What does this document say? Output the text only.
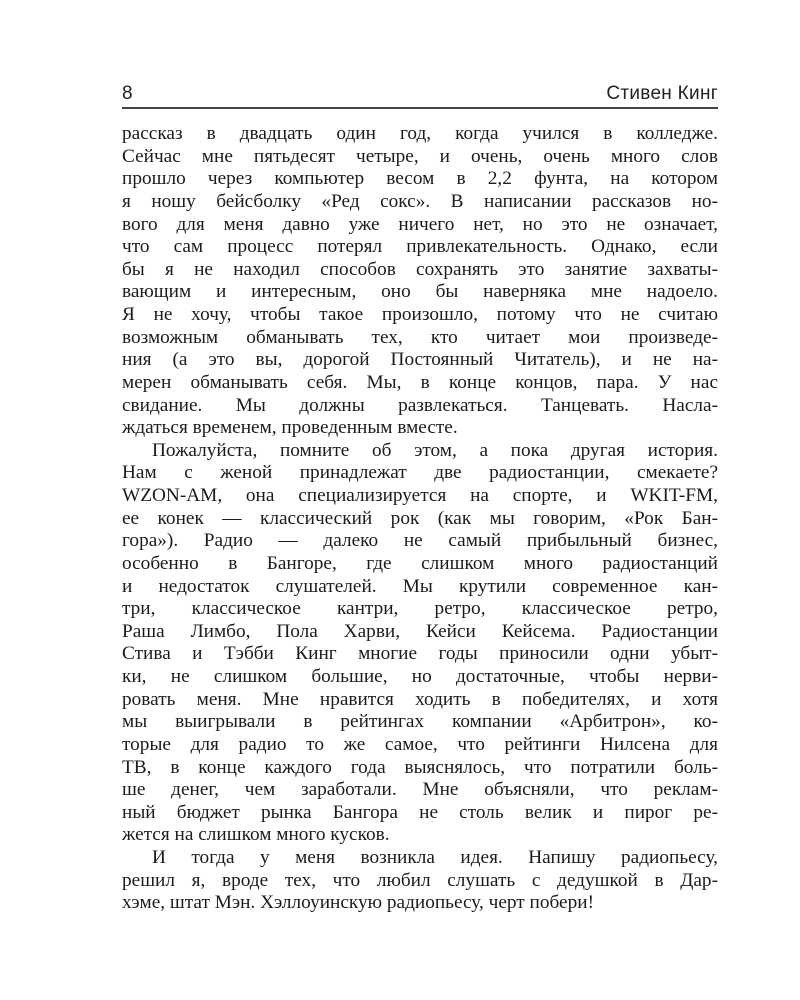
8	Стивен Кинг
рассказ в двадцать один год, когда учился в колледже.
Сейчас мне пятьдесят четыре, и очень, очень много слов
прошло через компьютер весом в 2,2 фунта, на котором
я ношу бейсболку «Ред сокс». В написании рассказов но-
вого для меня давно уже ничего нет, но это не означает,
что сам процесс потерял привлекательность. Однако, если
бы я не находил способов сохранять это занятие захваты-
вающим и интересным, оно бы наверняка мне надоело.
Я не хочу, чтобы такое произошло, потому что не считаю
возможным обманывать тех, кто читает мои произведе-
ния (а это вы, дорогой Постоянный Читатель), и не на-
мерен обманывать себя. Мы, в конце концов, пара. У нас
свидание. Мы должны развлекаться. Танцевать. Насла-
ждаться временем, проведенным вместе.
Пожалуйста, помните об этом, а пока другая история.
Нам с женой принадлежат две радиостанции, смекаете?
WZON-AM, она специализируется на спорте, и WKIT-FM,
ее конек — классический рок (как мы говорим, «Рок Бан-
гора»). Радио — далеко не самый прибыльный бизнес,
особенно в Бангоре, где слишком много радиостанций
и недостаток слушателей. Мы крутили современное кан-
три, классическое кантри, ретро, классическое ретро,
Раша Лимбо, Пола Харви, Кейси Кейсема. Радиостанции
Стива и Тэбби Кинг многие годы приносили одни убыт-
ки, не слишком большие, но достаточные, чтобы нерви-
ровать меня. Мне нравится ходить в победителях, и хотя
мы выигрывали в рейтингах компании «Арбитрон», ко-
торые для радио то же самое, что рейтинги Нилсена для
ТВ, в конце каждого года выяснялось, что потратили боль-
ше денег, чем заработали. Мне объясняли, что реклам-
ный бюджет рынка Бангора не столь велик и пирог ре-
жется на слишком много кусков.
И тогда у меня возникла идея. Напишу радиопьесу,
решил я, вроде тех, что любил слушать с дедушкой в Дар-
хэме, штат Мэн. Хэллоуинскую радиопьесу, черт побери!
